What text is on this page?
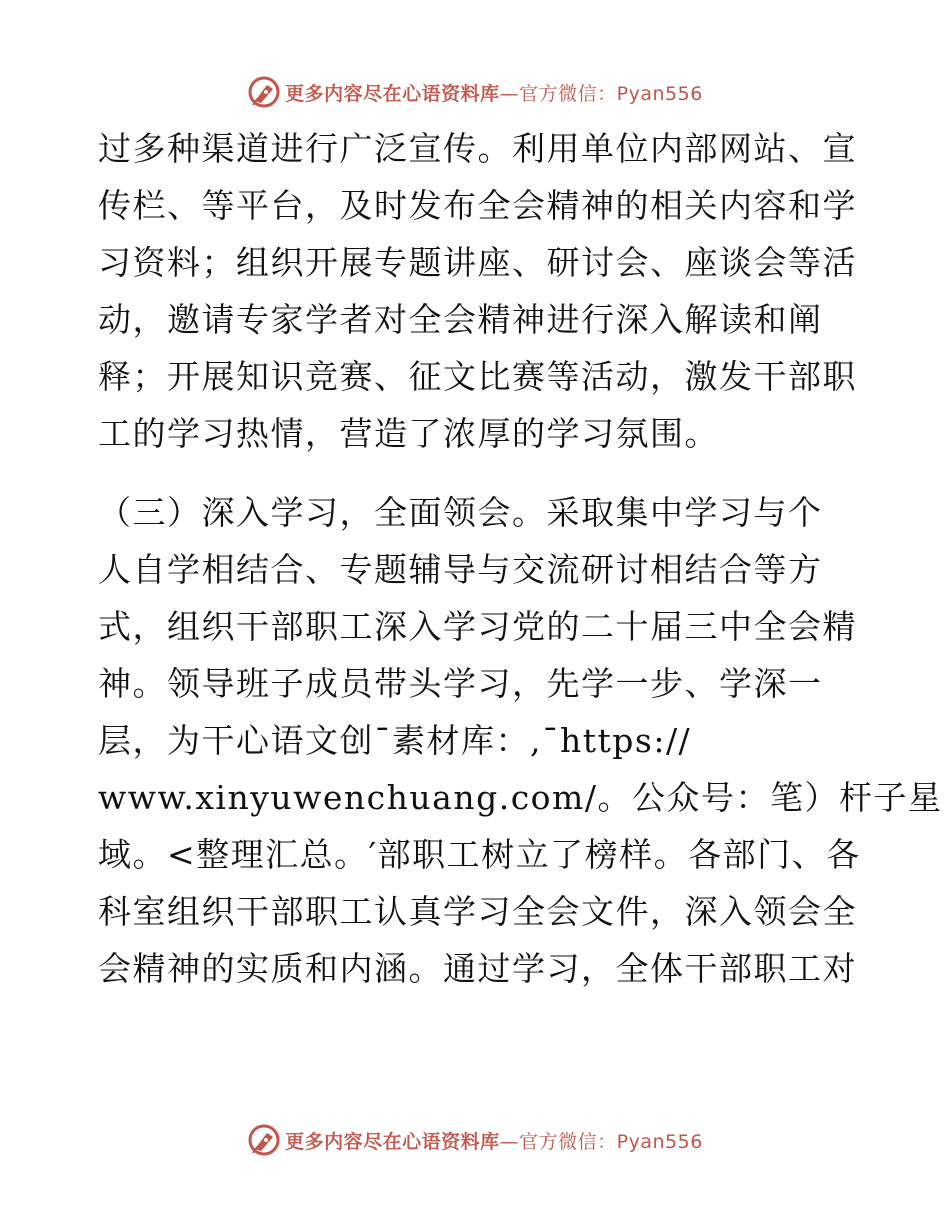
更多内容尽在心语资料库—官方微信：Pyan556
过多种渠道进行广泛宣传。利用单位内部网站、宣
传栏、等平台，及时发布全会精神的相关内容和学
习资料；组织开展专题讲座、研讨会、座谈会等活
动，邀请专家学者对全会精神进行深入解读和阐
释；开展知识竞赛、征文比赛等活动，激发干部职
工的学习热情，营造了浓厚的学习氛围。
（三）深入学习，全面领会。采取集中学习与个
人自学相结合、专题辅导与交流研讨相结合等方
式，组织干部职工深入学习党的二十届三中全会精
神。领导班子成员带头学习，先学一步、学深一
层，为干心语文创¯素材库：,¯https://
www.xinyuwenchuang.com/。公众号：笔）杆子星
域。<整理汇总。′部职工树立了榜样。各部门、各
科室组织干部职工认真学习全会文件，深入领会全
会精神的实质和内涵。通过学习，全体干部职工对
更多内容尽在心语资料库—官方微信：Pyan556
